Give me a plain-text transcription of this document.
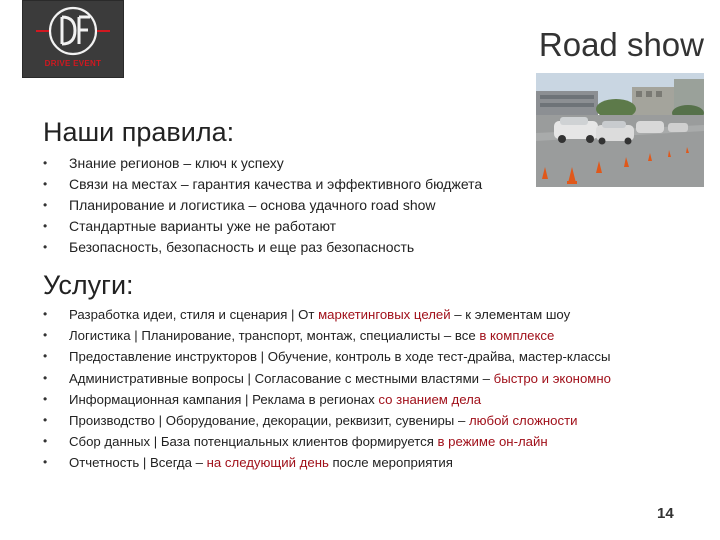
DRIVE EVENT
Road show
Наши правила:
• Знание регионов – ключ к успеху
• Связи на местах – гарантия качества и эффективного бюджета
• Планирование и логистика – основа удачного road show
• Стандартные варианты уже не работают
• Безопасность, безопасность и еще раз безопасность
Услуги:
• Разработка идеи, стиля и сценария | От маркетинговых целей – к элементам шоу
• Логистика | Планирование, транспорт, монтаж, специалисты – все в комплексе
• Предоставление инструкторов | Обучение, контроль в ходе тест-драйва, мастер-классы
• Административные вопросы | Согласование с местными властями – быстро и экономно
• Информационная кампания | Реклама в регионах со знанием дела
• Производство | Оборудование, декорации, реквизит, сувениры – любой сложности
• Сбор данных | База потенциальных клиентов формируется в режиме он-лайн
• Отчетность | Всегда – на следующий день после мероприятия
14
